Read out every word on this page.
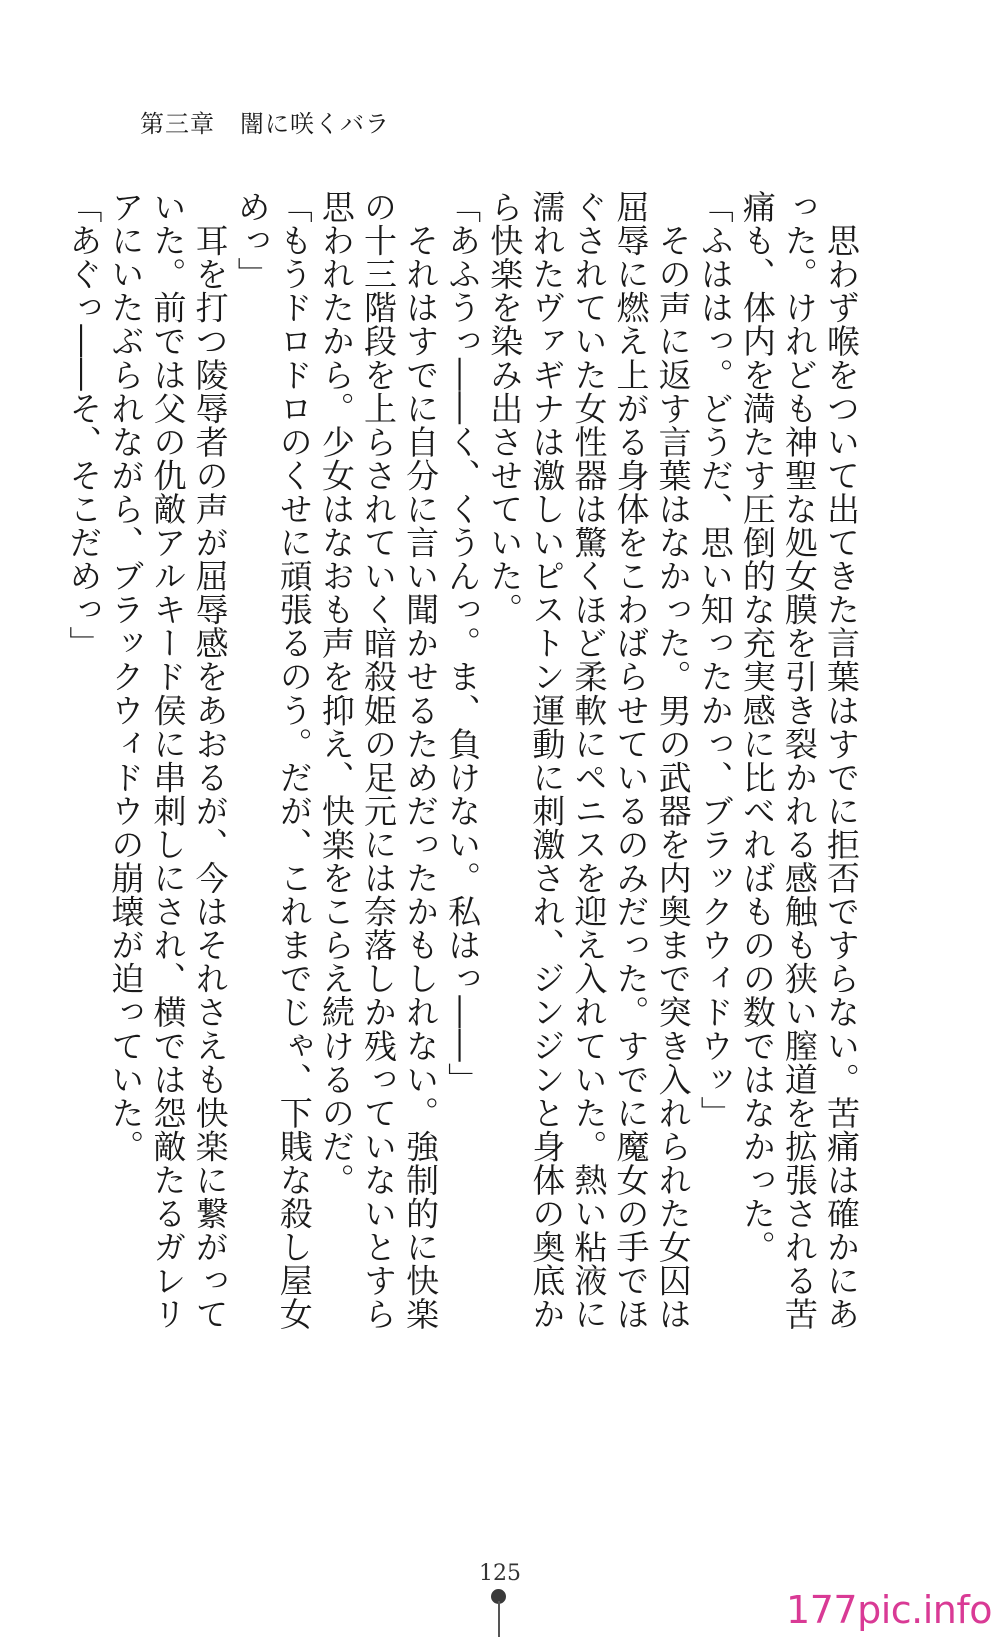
第三章　闇に咲くバラ

　思わず喉をついて出てきた言葉はすでに拒否ですらない。苦痛は確かにあった。けれども神聖な処女膜を引き裂かれる感触も狭い膣道を拡張される苦痛も、体内を満たす圧倒的な充実感に比べればものの数ではなかった。

「ふははっ。どうだ、思い知ったかっ、ブラックウィドウッ」

　その声に返す言葉はなかった。男の武器を内奥まで突き入れられた女囚は屈辱に燃え上がる身体をこわばらせているのみだった。すでに魔女の手でほぐされていた女性器は驚くほど柔軟にペニスを迎え入れていた。熱い粘液に濡れたヴァギナは激しいピストン運動に刺激され、ジンジンと身体の奥底から快楽を染み出させていた。

「あふうっ――く、くうんっ。ま、負けない。私はっ――」

　それはすでに自分に言い聞かせるためだったかもしれない。強制的に快楽の十三階段を上らされていく暗殺姫の足元には奈落しか残っていないとすら思われたから。少女はなおも声を抑え、快楽をこらえ続けるのだ。

「もうドロドロのくせに頑張るのう。だが、これまでじゃ、下賎な殺し屋女めっ」

　耳を打つ陵辱者の声が屈辱感をあおるが、今はそれさえも快楽に繋がっていた。前では父の仇敵アルキード侯に串刺しにされ、横では怨敵たるガレリアにいたぶられながら、ブラックウィドウの崩壊が迫っていた。

「あぐっ――そ、そこだめっ」

125
177pic.info
